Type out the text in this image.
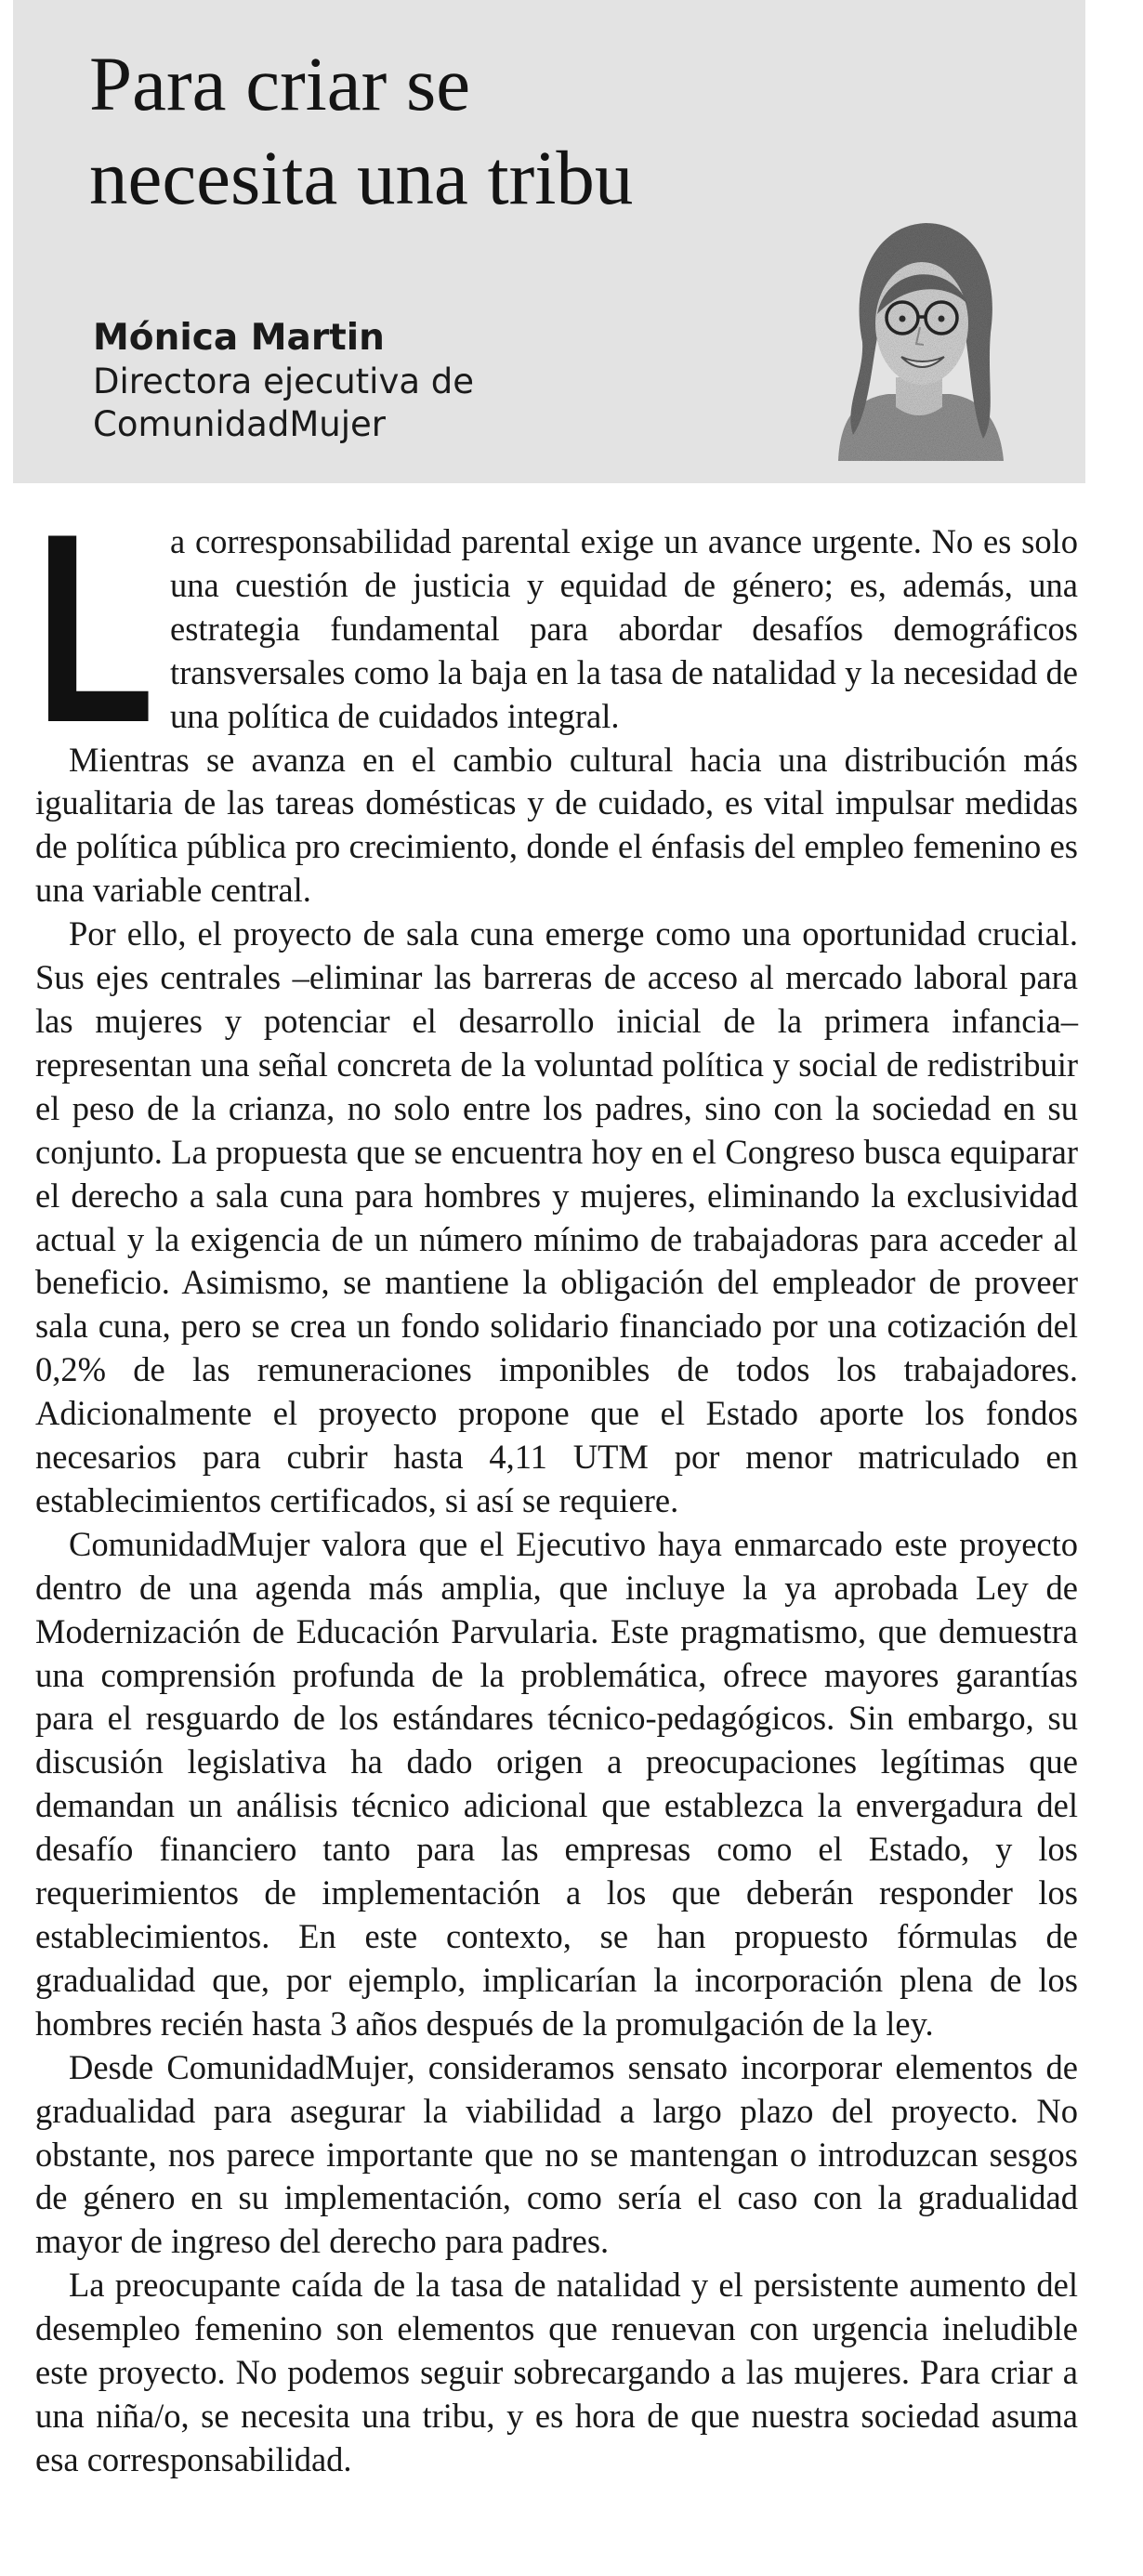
Para criar se
necesita una tribu
Mónica Martin
Directora ejecutiva de
ComunidadMujer
L a corresponsabilidad parental exige un avance urgente. No es solo una cuestión de justicia y equidad de género; es, además, una estrategia fundamental para abordar desafíos demográficos transversales como la baja en la tasa de natalidad y la necesidad de una política de cuidados integral.

Mientras se avanza en el cambio cultural hacia una distribución más igualitaria de las tareas domésticas y de cuidado, es vital impulsar medidas de política pública pro crecimiento, donde el énfasis del empleo femenino es una variable central.

Por ello, el proyecto de sala cuna emerge como una oportunidad crucial. Sus ejes centrales –eliminar las barreras de acceso al mercado laboral para las mujeres y potenciar el desarrollo inicial de la primera infancia– representan una señal concreta de la voluntad política y social de redistribuir el peso de la crianza, no solo entre los padres, sino con la sociedad en su conjunto. La propuesta que se encuentra hoy en el Congreso busca equiparar el derecho a sala cuna para hombres y mujeres, eliminando la exclusividad actual y la exigencia de un número mínimo de trabajadoras para acceder al beneficio. Asimismo, se mantiene la obligación del empleador de proveer sala cuna, pero se crea un fondo solidario financiado por una cotización del 0,2% de las remuneraciones imponibles de todos los trabajadores. Adicionalmente el proyecto propone que el Estado aporte los fondos necesarios para cubrir hasta 4,11 UTM por menor matriculado en establecimientos certificados, si así se requiere.

ComunidadMujer valora que el Ejecutivo haya enmarcado este proyecto dentro de una agenda más amplia, que incluye la ya aprobada Ley de Modernización de Educación Parvularia. Este pragmatismo, que demuestra una comprensión profunda de la problemática, ofrece mayores garantías para el resguardo de los estándares técnico-pedagógicos. Sin embargo, su discusión legislativa ha dado origen a preocupaciones legítimas que demandan un análisis técnico adicional que establezca la envergadura del desafío financiero tanto para las empresas como el Estado, y los requerimientos de implementación a los que deberán responder los establecimientos. En este contexto, se han propuesto fórmulas de gradualidad que, por ejemplo, implicarían la incorporación plena de los hombres recién hasta 3 años después de la promulgación de la ley.

Desde ComunidadMujer, consideramos sensato incorporar elementos de gradualidad para asegurar la viabilidad a largo plazo del proyecto. No obstante, nos parece importante que no se mantengan o introduzcan sesgos de género en su implementación, como sería el caso con la gradualidad mayor de ingreso del derecho para padres.

La preocupante caída de la tasa de natalidad y el persistente aumento del desempleo femenino son elementos que renuevan con urgencia ineludible este proyecto. No podemos seguir sobrecargando a las mujeres. Para criar a una niña/o, se necesita una tribu, y es hora de que nuestra sociedad asuma esa corresponsabilidad.
